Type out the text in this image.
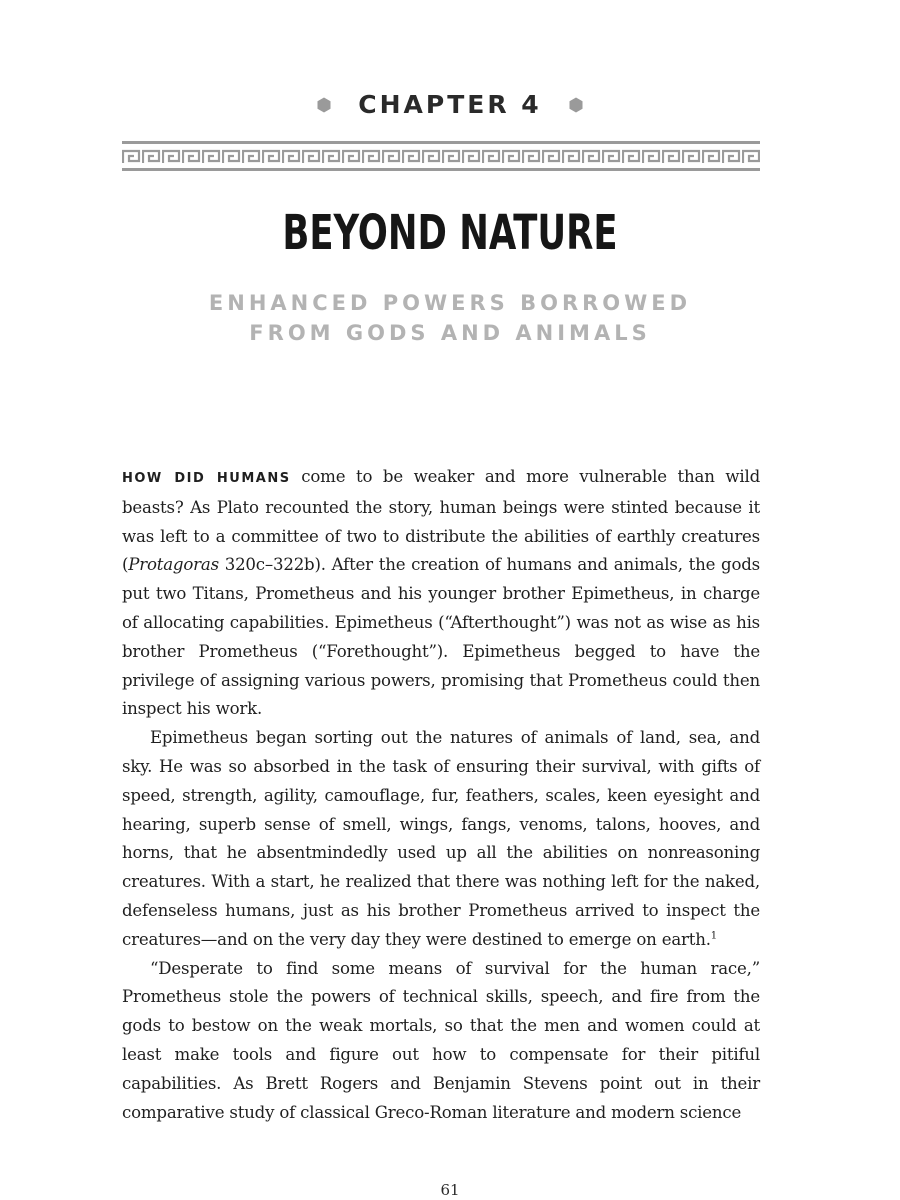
CHAPTER 4
BEYOND NATURE
ENHANCED POWERS BORROWED
FROM GODS AND ANIMALS

HOW DID HUMANS come to be weaker and more vulnerable than wild beasts? As Plato recounted the story, human beings were stinted because it was left to a committee of two to distribute the abilities of earthly creatures (Protagoras 320c–322b). After the creation of humans and animals, the gods put two Titans, Prometheus and his younger brother Epimetheus, in charge of allocating capabilities. Epimetheus (“Afterthought”) was not as wise as his brother Prometheus (“Forethought”). Epimetheus begged to have the privilege of assigning various powers, promising that Prometheus could then inspect his work.

Epimetheus began sorting out the natures of animals of land, sea, and sky. He was so absorbed in the task of ensuring their survival, with gifts of speed, strength, agility, camouflage, fur, feathers, scales, keen eyesight and hearing, superb sense of smell, wings, fangs, venoms, talons, hooves, and horns, that he absentmindedly used up all the abilities on nonreasoning creatures. With a start, he realized that there was nothing left for the naked, defenseless humans, just as his brother Prometheus arrived to inspect the creatures—and on the very day they were destined to emerge on earth.$^1$

“Desperate to find some means of survival for the human race,” Prometheus stole the powers of technical skills, speech, and fire from the gods to bestow on the weak mortals, so that the men and women could at least make tools and figure out how to compensate for their pitiful capabilities. As Brett Rogers and Benjamin Stevens point out in their comparative study of classical Greco-Roman literature and modern science

61
